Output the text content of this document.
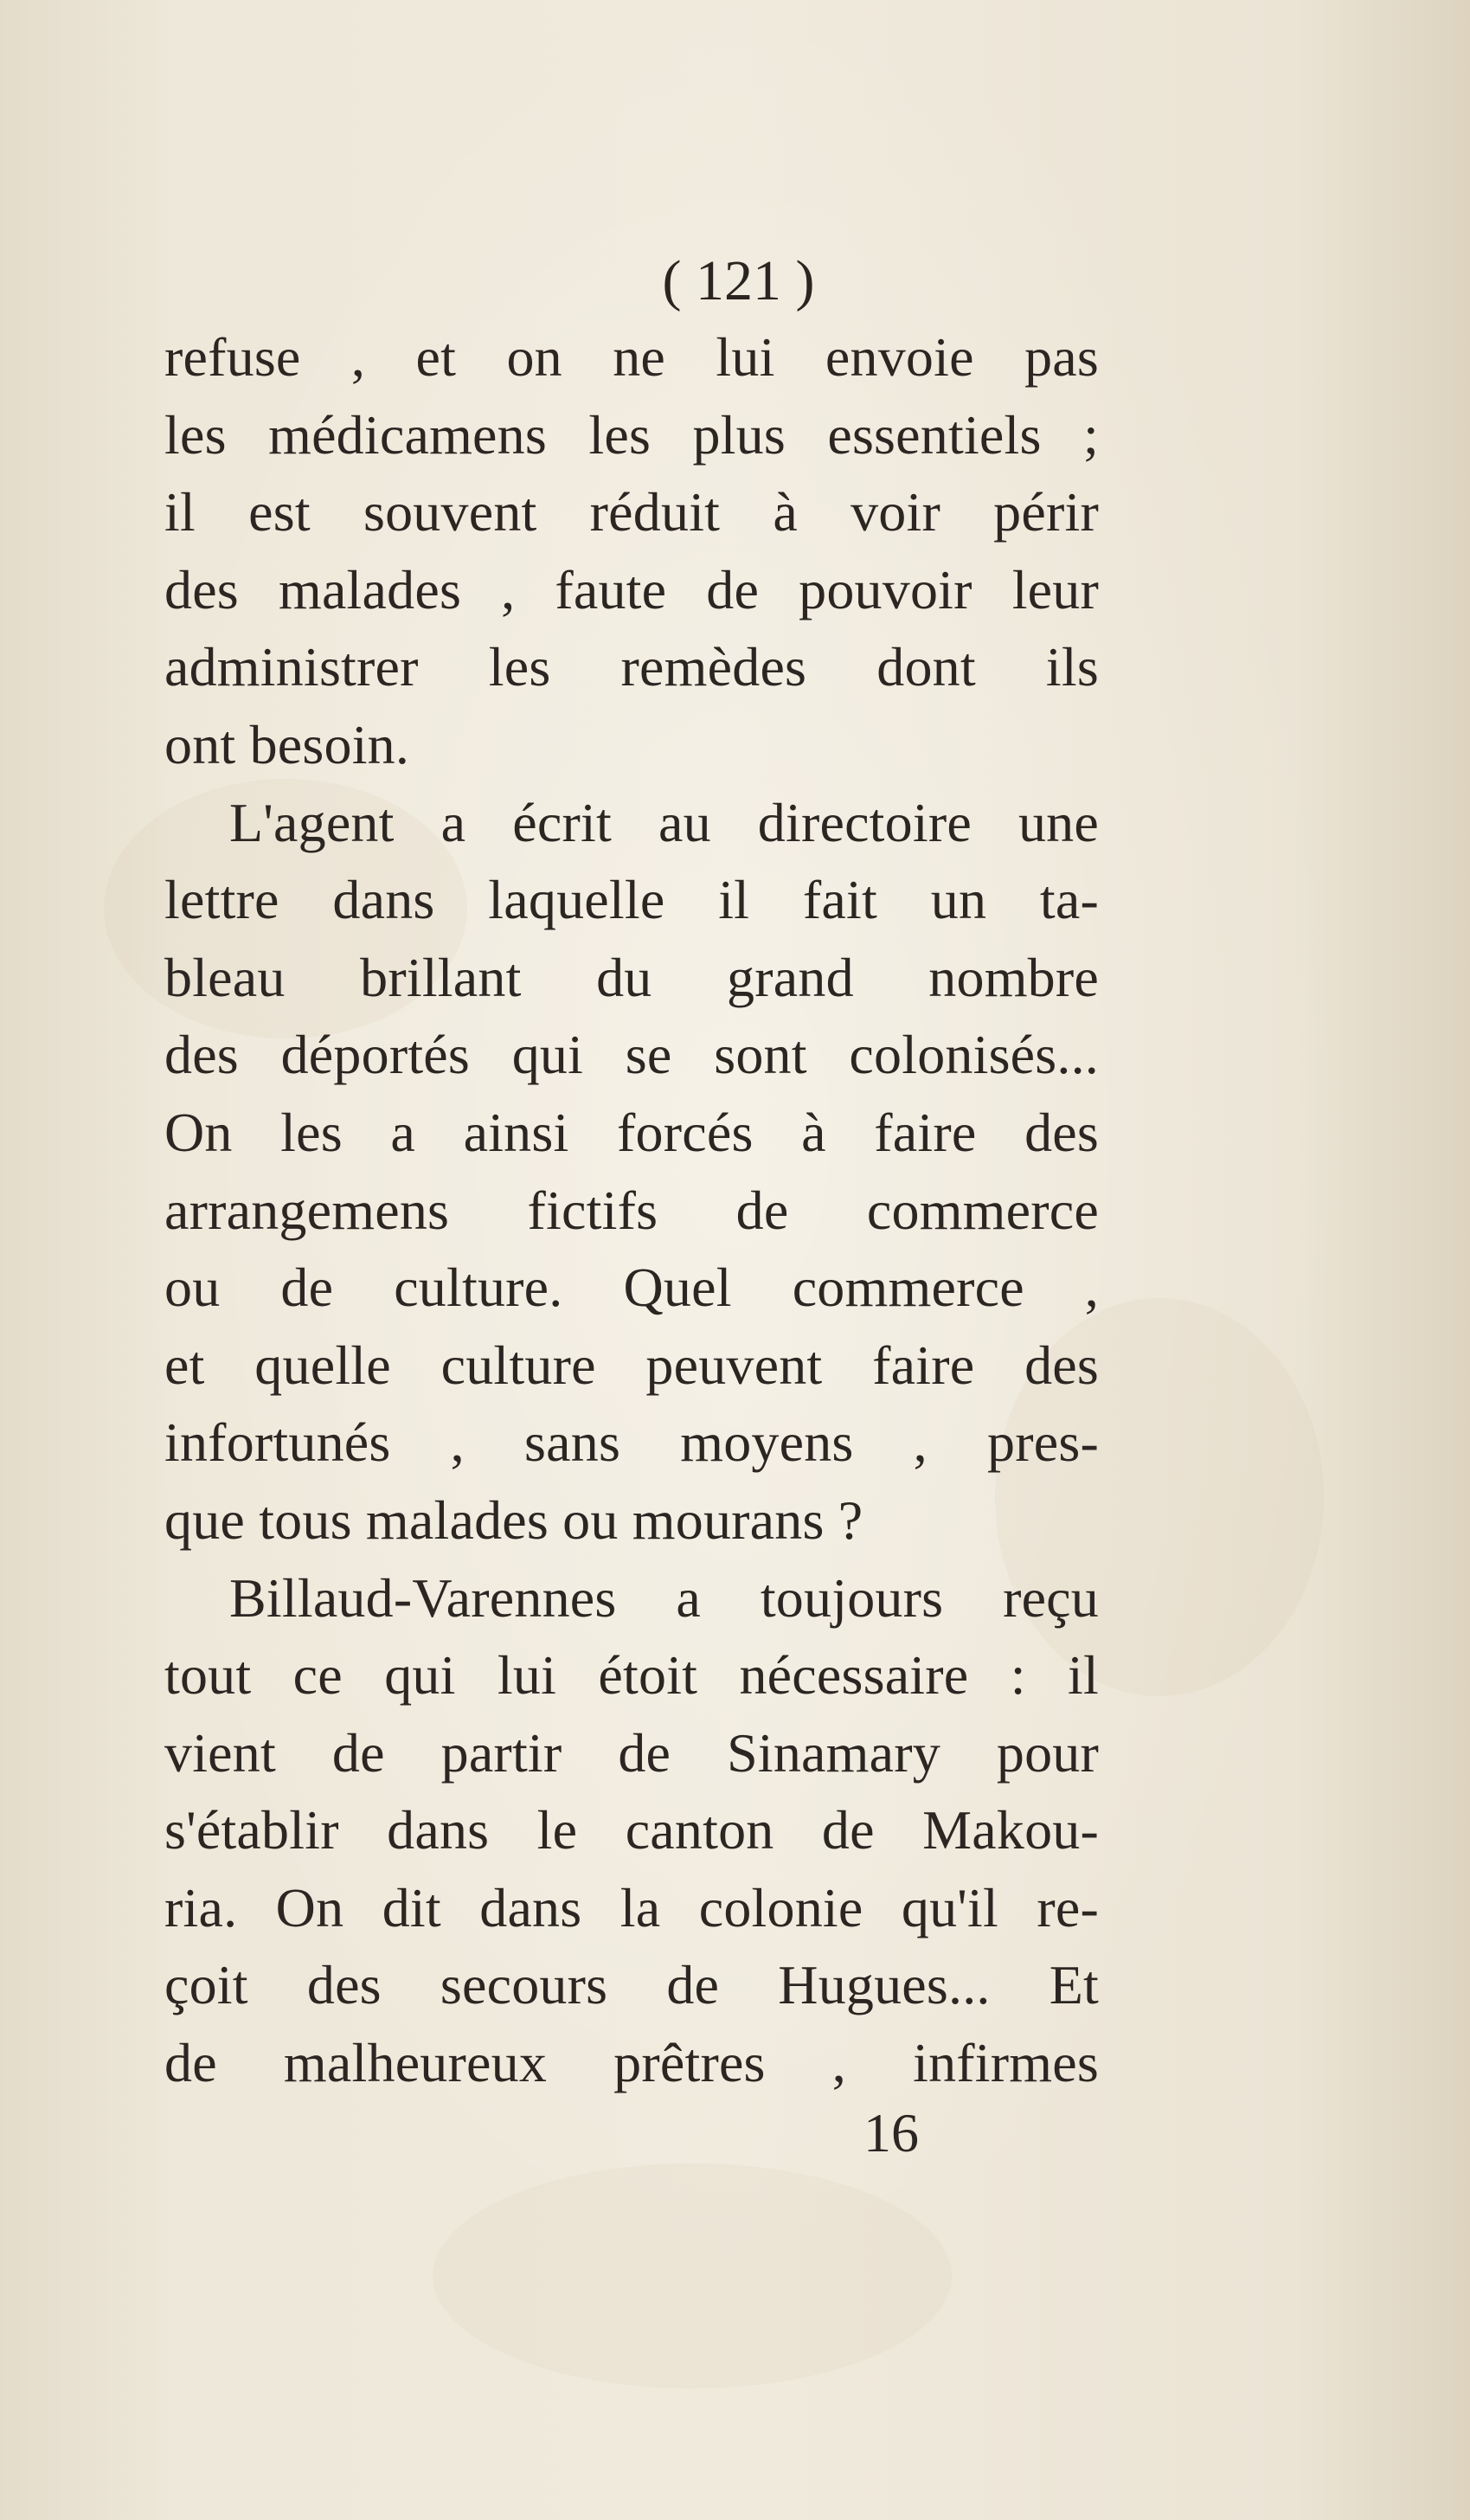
( 121 )
refuse , et on ne lui envoie pas
les médicamens les plus essentiels ;
il est souvent réduit à voir périr
des malades , faute de pouvoir leur
administrer les remèdes dont ils
ont besoin.
L'agent a écrit au directoire une
lettre dans laquelle il fait un ta-
bleau brillant du grand nombre
des déportés qui se sont colonisés...
On les a ainsi forcés à faire des
arrangemens fictifs de commerce
ou de culture. Quel commerce ,
et quelle culture peuvent faire des
infortunés , sans moyens , pres-
que tous malades ou mourans ?
Billaud-Varennes a toujours reçu
tout ce qui lui étoit nécessaire : il
vient de partir de Sinamary pour
s'établir dans le canton de Makou-
ria. On dit dans la colonie qu'il re-
çoit des secours de Hugues... Et
de malheureux prêtres , infirmes
16
